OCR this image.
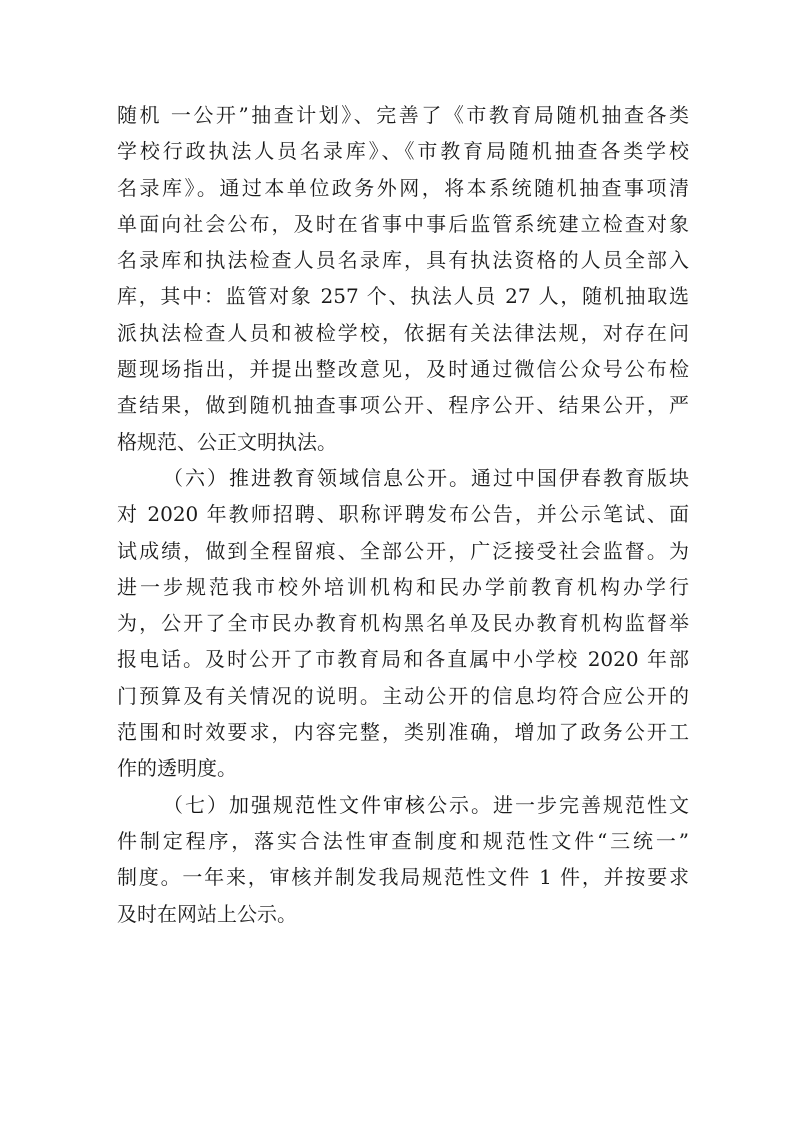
随机 一公开”抽查计划》、完善了《市教育局随机抽查各类
学校行政执法人员名录库》、《市教育局随机抽查各类学校
名录库》。通过本单位政务外网，将本系统随机抽查事项清
单面向社会公布，及时在省事中事后监管系统建立检查对象
名录库和执法检查人员名录库，具有执法资格的人员全部入
库，其中：监管对象 257 个、执法人员 27 人，随机抽取选
派执法检查人员和被检学校，依据有关法律法规，对存在问
题现场指出，并提出整改意见，及时通过微信公众号公布检
查结果，做到随机抽查事项公开、程序公开、结果公开，严
格规范、公正文明执法。
（六）推进教育领域信息公开。通过中国伊春教育版块
对 2020 年教师招聘、职称评聘发布公告，并公示笔试、面
试成绩，做到全程留痕、全部公开，广泛接受社会监督。为
进一步规范我市校外培训机构和民办学前教育机构办学行
为，公开了全市民办教育机构黑名单及民办教育机构监督举
报电话。及时公开了市教育局和各直属中小学校 2020 年部
门预算及有关情况的说明。主动公开的信息均符合应公开的
范围和时效要求，内容完整，类别准确，增加了政务公开工
作的透明度。
（七）加强规范性文件审核公示。进一步完善规范性文
件制定程序，落实合法性审查制度和规范性文件“三统一”
制度。一年来，审核并制发我局规范性文件 1 件，并按要求
及时在网站上公示。
